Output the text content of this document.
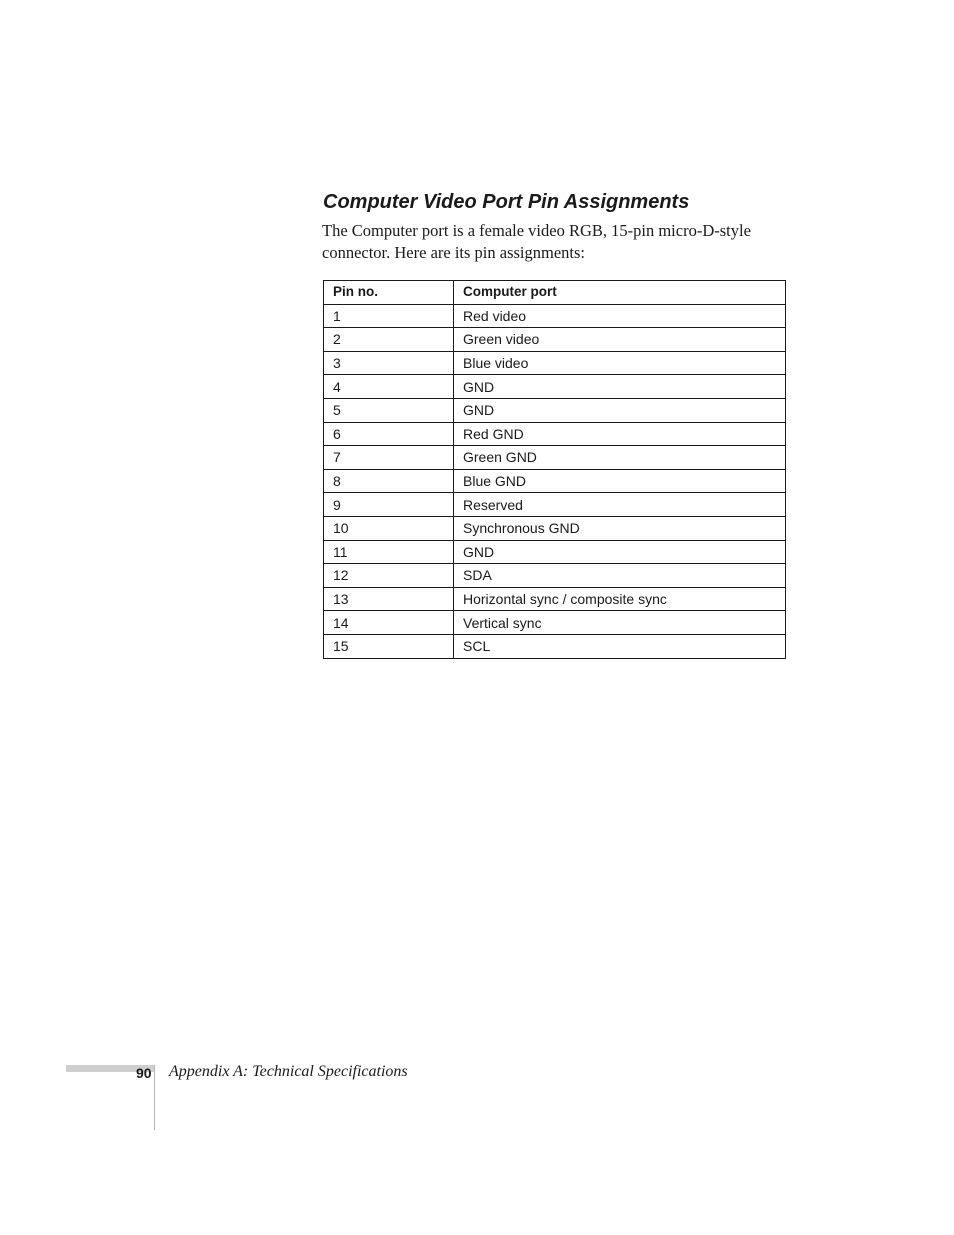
Computer Video Port Pin Assignments

The Computer port is a female video RGB, 15-pin micro-D-style connector. Here are its pin assignments:

Pin no.	Computer port
1	Red video
2	Green video
3	Blue video
4	GND
5	GND
6	Red GND
7	Green GND
8	Blue GND
9	Reserved
10	Synchronous GND
11	GND
12	SDA
13	Horizontal sync / composite sync
14	Vertical sync
15	SCL
90 Appendix A: Technical Specifications
